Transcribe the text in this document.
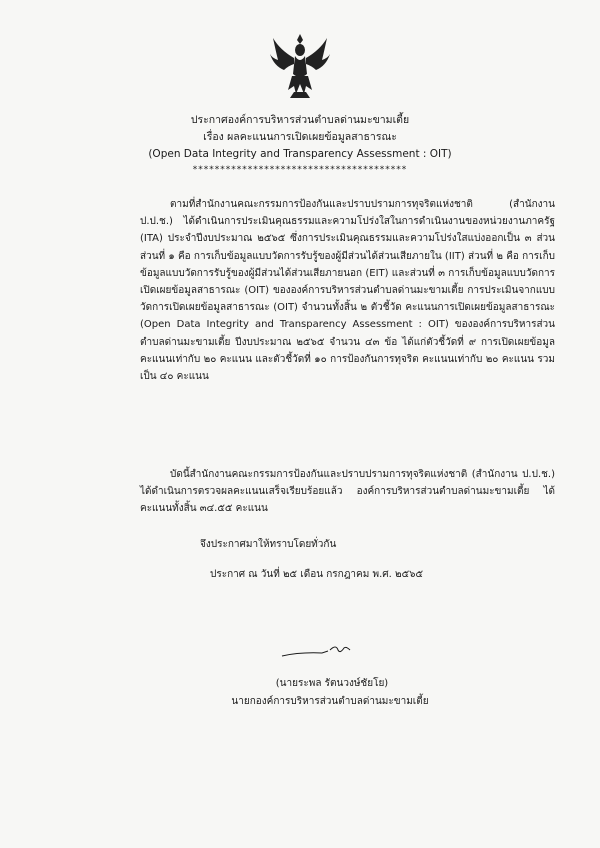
ประกาศองค์การบริหารส่วนตำบลด่านมะขามเตี้ย
เรื่อง ผลคะแนนการเปิดเผยข้อมูลสาธารณะ
(Open Data Integrity and Transparency Assessment : OIT)
***************************************
ตามที่สำนักงานคณะกรรมการป้องกันและปราบปรามการทุจริตแห่งชาติ (สำนักงาน ป.ป.ช.) ได้ดำเนินการประเมินคุณธรรมและความโปร่งใสในการดำเนินงานของหน่วยงานภาครัฐ (ITA) ประจำปีงบประมาณ ๒๕๖๕ ซึ่งการประเมินคุณธรรมและความโปร่งใสแบ่งออกเป็น ๓ ส่วน ส่วนที่ ๑ คือ การเก็บข้อมูลแบบวัดการรับรู้ของผู้มีส่วนได้ส่วนเสียภายใน (IIT) ส่วนที่ ๒ คือ การเก็บข้อมูลแบบวัดการรับรู้ของผู้มีส่วนได้ส่วนเสียภายนอก (EIT) และส่วนที่ ๓ การเก็บข้อมูลแบบวัดการเปิดเผยข้อมูลสาธารณะ (OIT) ขององค์การบริหารส่วนตำบลด่านมะขามเตี้ย การประเมินจากแบบวัดการเปิดเผยข้อมูลสาธารณะ (OIT) จำนวนทั้งสิ้น ๒ ตัวชี้วัด คะแนนการเปิดเผยข้อมูลสาธารณะ (Open Data Integrity and Transparency Assessment : OIT) ขององค์การบริหารส่วนตำบลด่านมะขามเตี้ย ปีงบประมาณ ๒๕๖๕ จำนวน ๔๓ ข้อ ได้แก่ตัวชี้วัดที่ ๙ การเปิดเผยข้อมูล คะแนนเท่ากับ ๒๐ คะแนน และตัวชี้วัดที่ ๑๐ การป้องกันการทุจริต คะแนนเท่ากับ ๒๐ คะแนน รวมเป็น ๔๐ คะแนน
บัดนี้สำนักงานคณะกรรมการป้องกันและปราบปรามการทุจริตแห่งชาติ (สำนักงาน ป.ป.ช.) ได้ดำเนินการตรวจผลคะแนนเสร็จเรียบร้อยแล้ว องค์การบริหารส่วนตำบลด่านมะขามเตี้ย ได้คะแนนทั้งสิ้น ๓๔.๕๕ คะแนน
จึงประกาศมาให้ทราบโดยทั่วกัน
ประกาศ ณ วันที่ ๒๕ เดือน กรกฎาคม พ.ศ. ๒๕๖๕
(นายระพล รัตนวงษ์ชัยโย)
นายกองค์การบริหารส่วนตำบลด่านมะขามเตี้ย
